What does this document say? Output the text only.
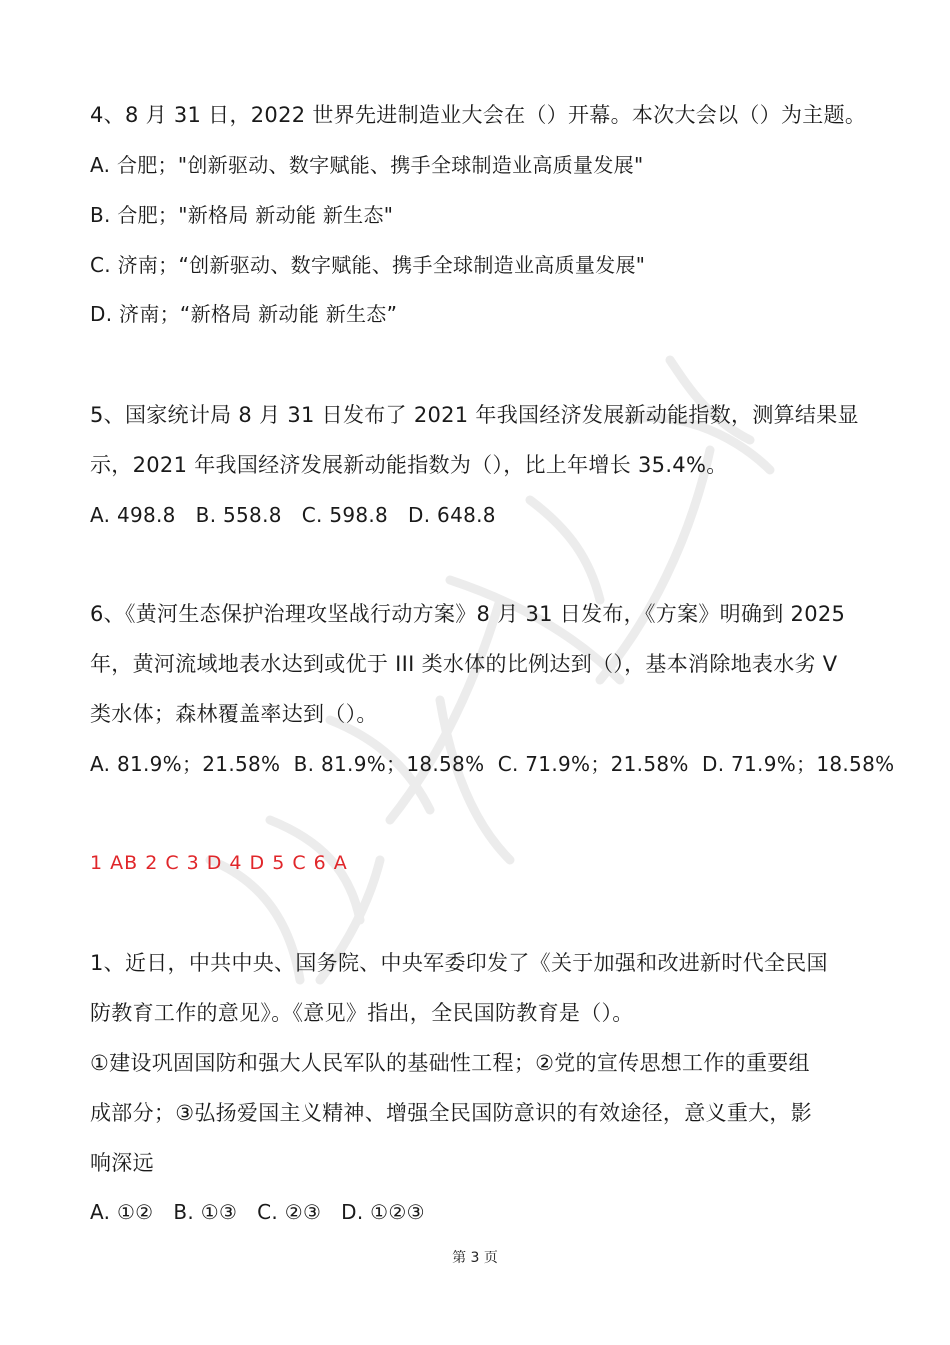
4、8 月 31 日，2022 世界先进制造业大会在（）开幕。本次大会以（）为主题。
A. 合肥；"创新驱动、数字赋能、携手全球制造业高质量发展"
B. 合肥；"新格局 新动能 新生态"
C. 济南；“创新驱动、数字赋能、携手全球制造业高质量发展"
D. 济南；“新格局 新动能 新生态”
5、国家统计局 8 月 31 日发布了 2021 年我国经济发展新动能指数，测算结果显
示，2021 年我国经济发展新动能指数为（），比上年增长 35.4%。
A. 498.8   B. 558.8   C. 598.8   D. 648.8
6、《黄河生态保护治理攻坚战行动方案》8 月 31 日发布，《方案》明确到 2025
年，黄河流域地表水达到或优于 III 类水体的比例达到（），基本消除地表水劣 V
类水体；森林覆盖率达到（）。
A. 81.9%；21.58%  B. 81.9%；18.58%  C. 71.9%；21.58%  D. 71.9%；18.58%
1 AB 2 C 3 D 4 D 5 C 6 A
1、近日，中共中央、国务院、中央军委印发了《关于加强和改进新时代全民国
防教育工作的意见》。《意见》指出，全民国防教育是（）。
①建设巩固国防和强大人民军队的基础性工程；②党的宣传思想工作的重要组
成部分；③弘扬爱国主义精神、增强全民国防意识的有效途径，意义重大，影
响深远
A. ①②   B. ①③   C. ②③   D. ①②③
第 3 页
